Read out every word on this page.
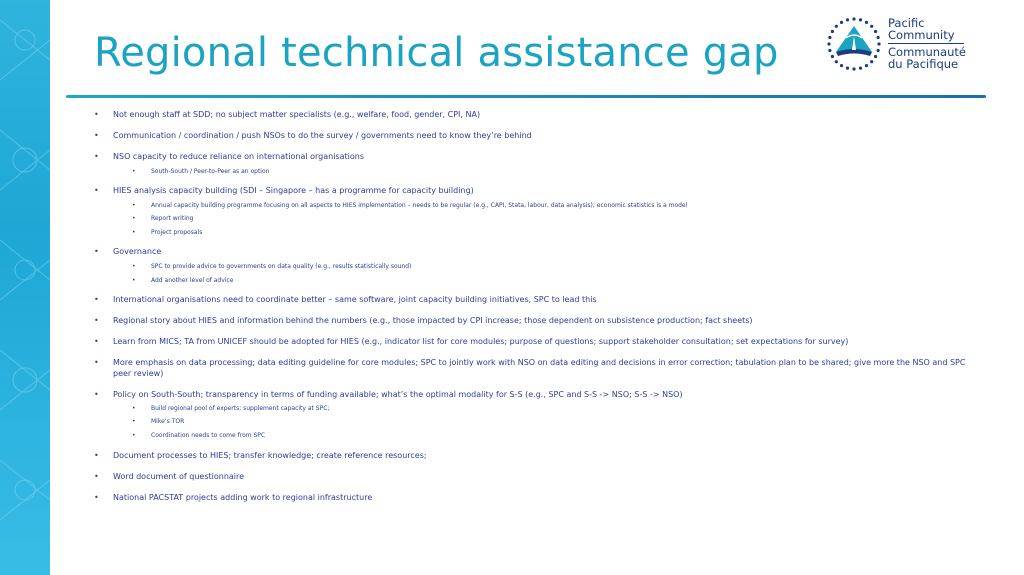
Regional technical assistance gap
Pacific
Community
Communauté
du Pacifique
• Not enough staff at SDD; no subject matter specialists (e.g., welfare, food, gender, CPI, NA)
• Communication / coordination / push NSOs to do the survey / governments need to know they’re behind
• NSO capacity to reduce reliance on international organisations
•	South-South / Peer-to-Peer as an option
• HIES analysis capacity building (SDI – Singapore – has a programme for capacity building)
•	Annual capacity building programme focusing on all aspects to HIES implementation – needs to be regular (e.g., CAPI, Stata, labour, data analysis); economic statistics is a model
•	Report writing
•	Project proposals
• Governance
•	SPC to provide advice to governments on data quality (e.g., results statistically sound)
•	Add another level of advice
• International organisations need to coordinate better – same software, joint capacity building initiatives, SPC to lead this
• Regional story about HIES and information behind the numbers (e.g., those impacted by CPI increase; those dependent on subsistence production; fact sheets)
• Learn from MICS; TA from UNICEF should be adopted for HIES (e.g., indicator list for core modules; purpose of questions; support stakeholder consultation; set expectations for survey)
• More emphasis on data processing; data editing guideline for core modules; SPC to jointly work with NSO on data editing and decisions in error correction; tabulation plan to be shared; give more the NSO and SPC peer review)
• Policy on South-South; transparency in terms of funding available; what’s the optimal modality for S-S (e.g., SPC and S-S -> NSO; S-S -> NSO)
•	Build regional pool of experts; supplement capacity at SPC;
•	Mike’s TOR
•	Coordination needs to come from SPC
• Document processes to HIES; transfer knowledge; create reference resources;
• Word document of questionnaire
• National PACSTAT projects adding work to regional infrastructure
